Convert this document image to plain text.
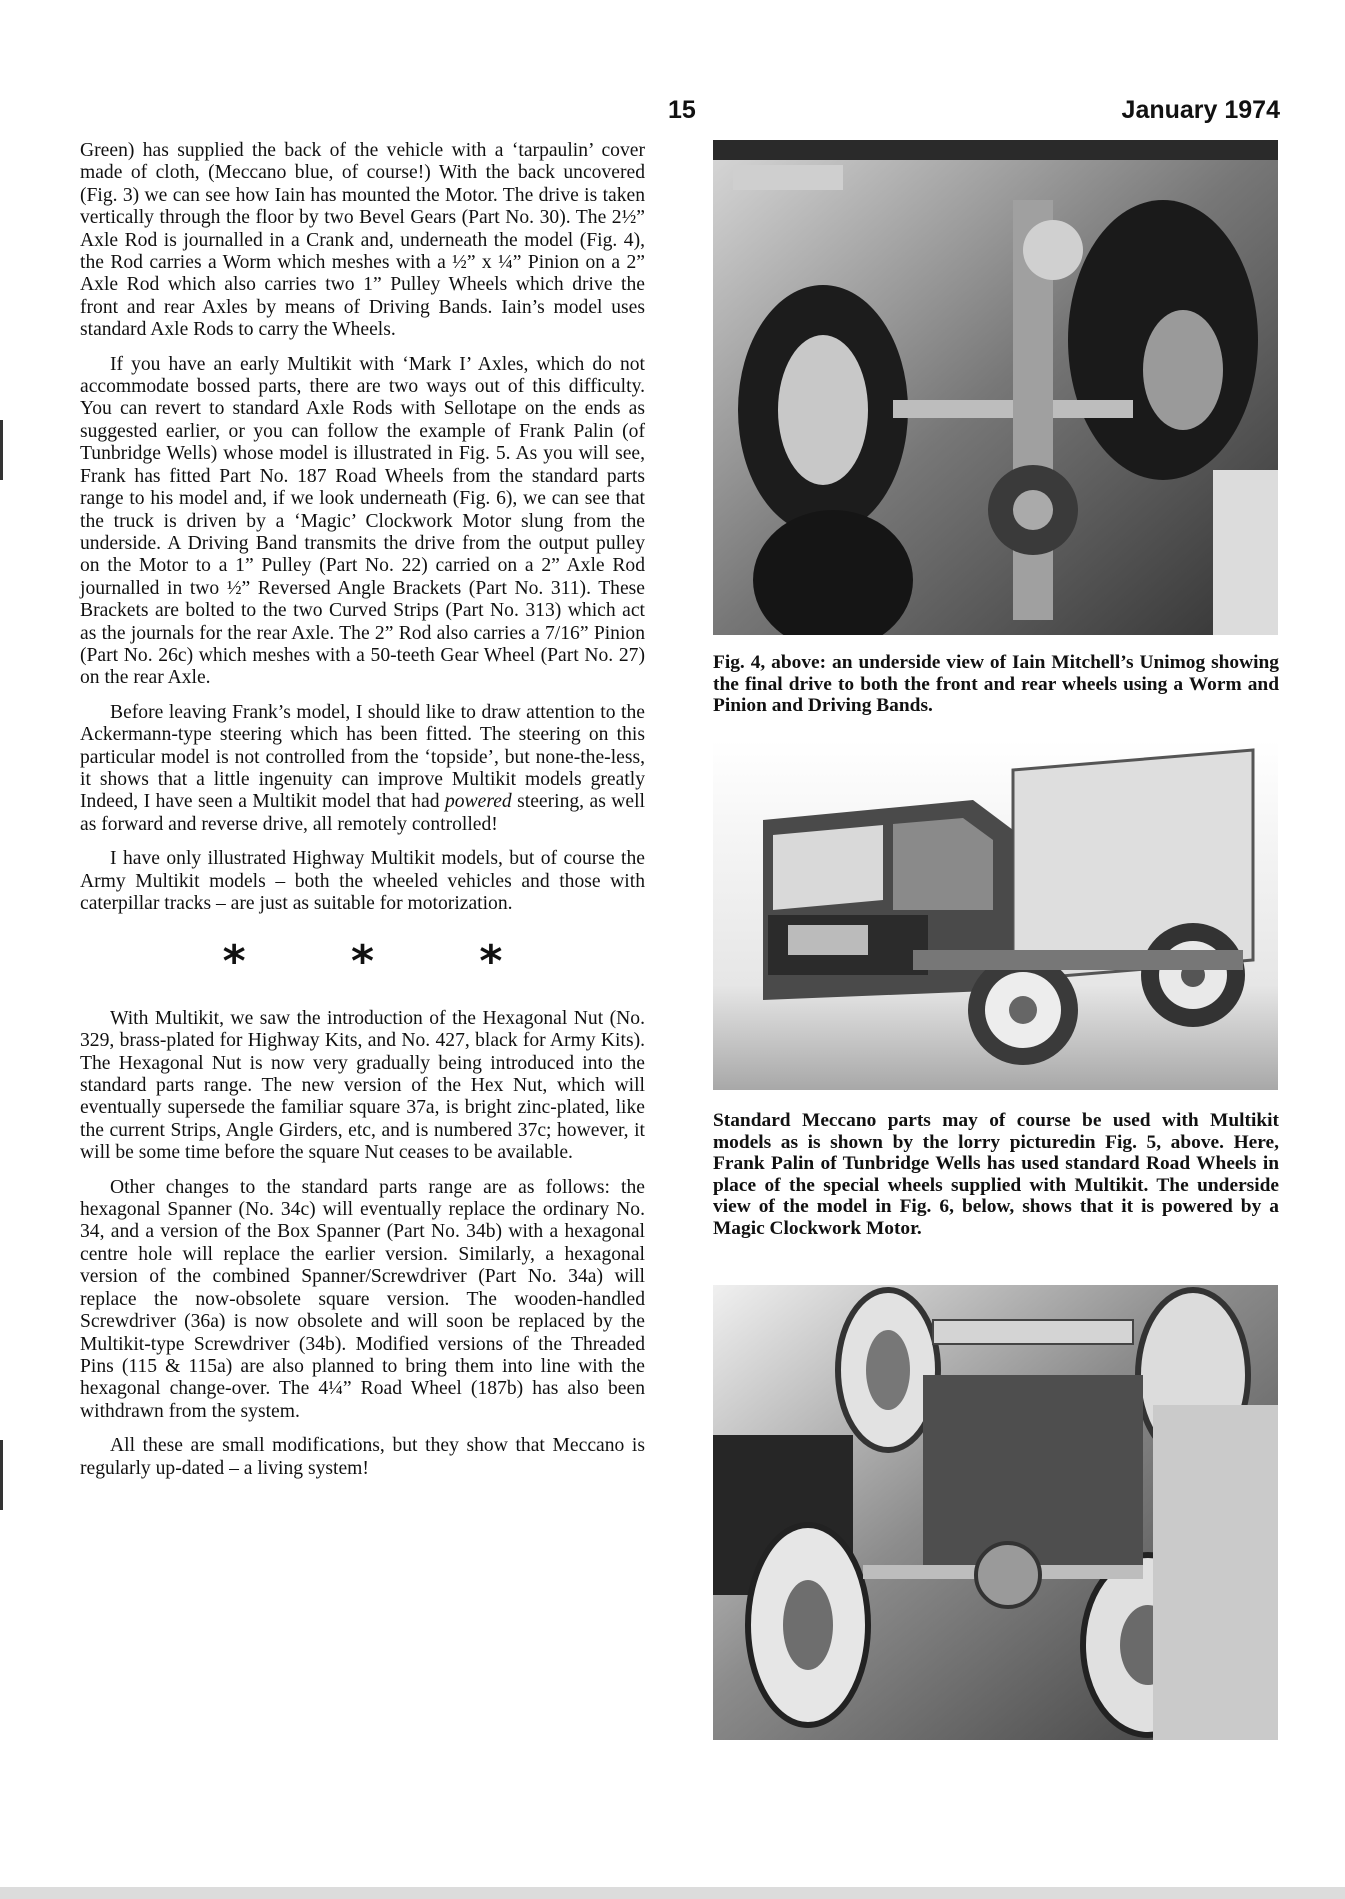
15	January 1974

Green) has supplied the back of the vehicle with a ‘tarpaulin’ cover made of cloth, (Meccano blue, of course!) With the back uncovered (Fig. 3) we can see how Iain has mounted the Motor. The drive is taken vertically through the floor by two Bevel Gears (Part No. 30). The 2½” Axle Rod is journalled in a Crank and, underneath the model (Fig. 4), the Rod carries a Worm which meshes with a ½” x ¼” Pinion on a 2” Axle Rod which also carries two 1” Pulley Wheels which drive the front and rear Axles by means of Driving Bands. Iain’s model uses standard Axle Rods to carry the Wheels.

If you have an early Multikit with ‘Mark I’ Axles, which do not accommodate bossed parts, there are two ways out of this difficulty. You can revert to standard Axle Rods with Sellotape on the ends as suggested earlier, or you can follow the example of Frank Palin (of Tunbridge Wells) whose model is illustrated in Fig. 5. As you will see, Frank has fitted Part No. 187 Road Wheels from the standard parts range to his model and, if we look underneath (Fig. 6), we can see that the truck is driven by a ‘Magic’ Clockwork Motor slung from the underside. A Driving Band transmits the drive from the output pulley on the Motor to a 1” Pulley (Part No. 22) carried on a 2” Axle Rod journalled in two ½” Reversed Angle Brackets (Part No. 311). These Brackets are bolted to the two Curved Strips (Part No. 313) which act as the journals for the rear Axle. The 2” Rod also carries a 7/16” Pinion (Part No. 26c) which meshes with a 50-teeth Gear Wheel (Part No. 27) on the rear Axle.

Before leaving Frank’s model, I should like to draw attention to the Ackermann-type steering which has been fitted. The steering on this particular model is not controlled from the ‘topside’, but none-the-less, it shows that a little ingenuity can improve Multikit models greatly Indeed, I have seen a Multikit model that had powered steering, as well as forward and reverse drive, all remotely controlled!

I have only illustrated Highway Multikit models, but of course the Army Multikit models – both the wheeled vehicles and those with caterpillar tracks – are just as suitable for motorization.

* * *

With Multikit, we saw the introduction of the Hexagonal Nut (No. 329, brass-plated for Highway Kits, and No. 427, black for Army Kits). The Hexagonal Nut is now very gradually being introduced into the standard parts range. The new version of the Hex Nut, which will eventually supersede the familiar square 37a, is bright zinc-plated, like the current Strips, Angle Girders, etc, and is numbered 37c; however, it will be some time before the square Nut ceases to be available.

Other changes to the standard parts range are as follows: the hexagonal Spanner (No. 34c) will eventually replace the ordinary No. 34, and a version of the Box Spanner (Part No. 34b) with a hexagonal centre hole will replace the earlier version. Similarly, a hexagonal version of the combined Spanner/Screwdriver (Part No. 34a) will replace the now-obsolete square version. The wooden-handled Screwdriver (36a) is now obsolete and will soon be replaced by the Multikit-type Screwdriver (34b). Modified versions of the Threaded Pins (115 & 115a) are also planned to bring them into line with the hexagonal change-over. The 4¼” Road Wheel (187b) has also been withdrawn from the system.

All these are small modifications, but they show that Meccano is regularly up-dated – a living system!

Fig. 4, above: an underside view of Iain Mitchell’s Unimog showing the final drive to both the front and rear wheels using a Worm and Pinion and Driving Bands.
Standard Meccano parts may of course be used with Multikit models as is shown by the lorry picturedin Fig. 5, above. Here, Frank Palin of Tunbridge Wells has used standard Road Wheels in place of the special wheels supplied with Multikit. The underside view of the model in Fig. 6, below, shows that it is powered by a Magic Clockwork Motor.
